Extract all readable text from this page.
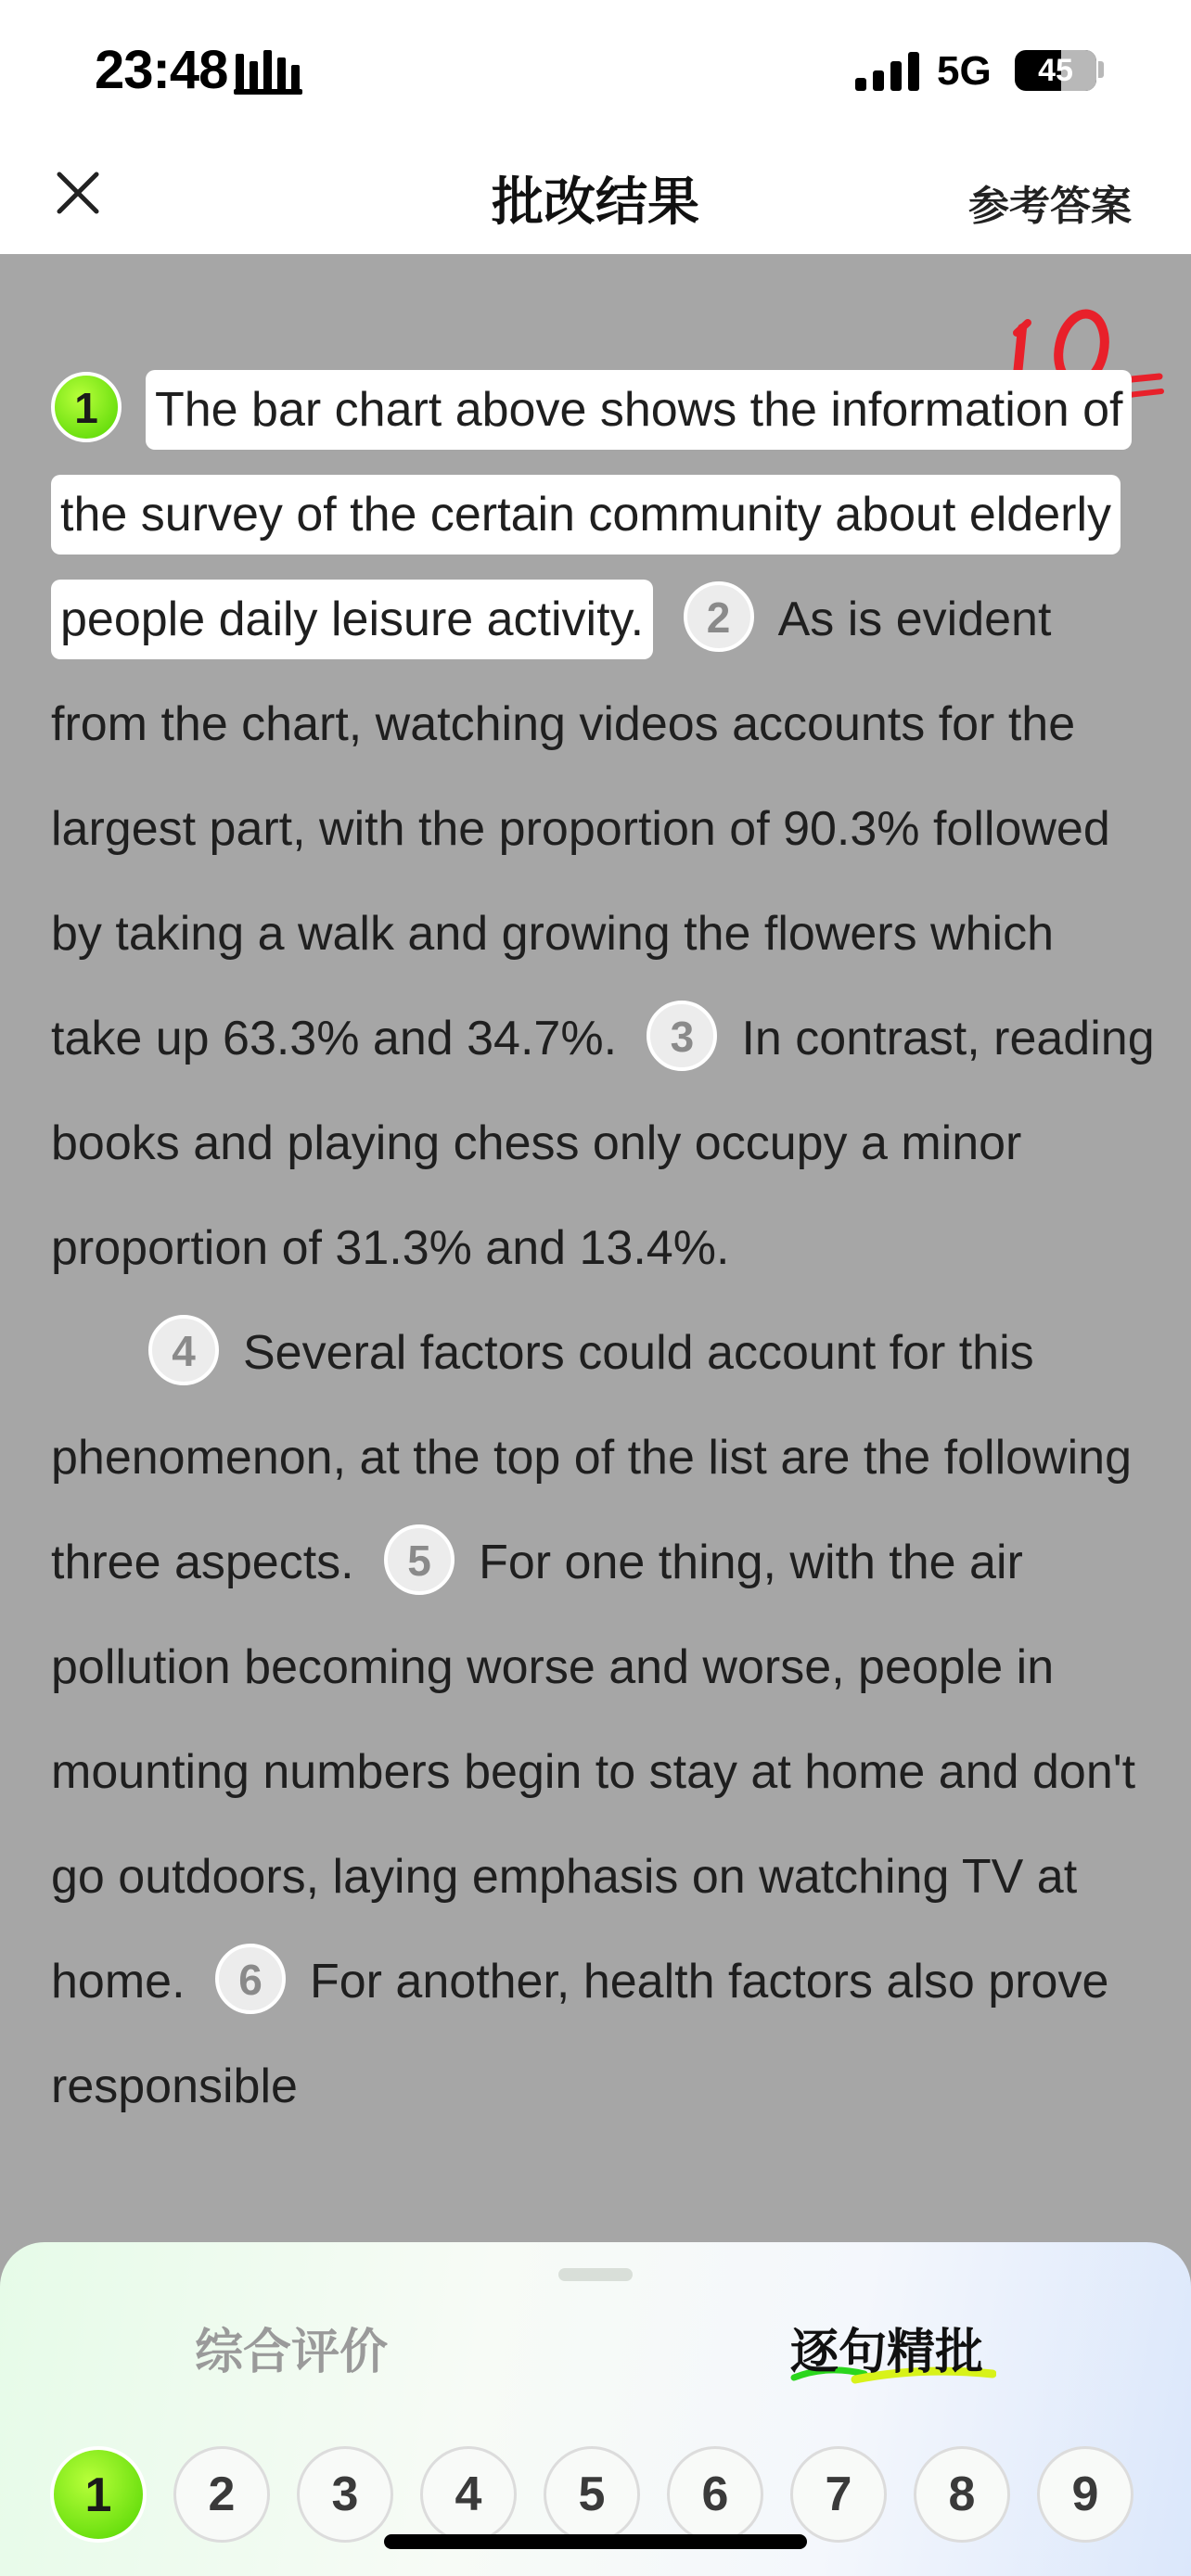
23:48	5G	45
批改结果	参考答案
1 The bar chart above shows the information of the survey of the certain community about elderly people daily leisure activity. 2 As is evident from the chart, watching videos accounts for the largest part, with the proportion of 90.3% followed by taking a walk and growing the flowers which take up 63.3% and 34.7%. 3 In contrast, reading books and playing chess only occupy a minor proportion of 31.3% and 13.4%.
4 Several factors could account for this phenomenon, at the top of the list are the following three aspects. 5 For one thing, with the air pollution becoming worse and worse, people in mounting numbers begin to stay at home and don't go outdoors, laying emphasis on watching TV at home. 6 For another, health factors also prove responsible
综合评价	逐句精批
1	2	3	4	5	6	7	8	9
